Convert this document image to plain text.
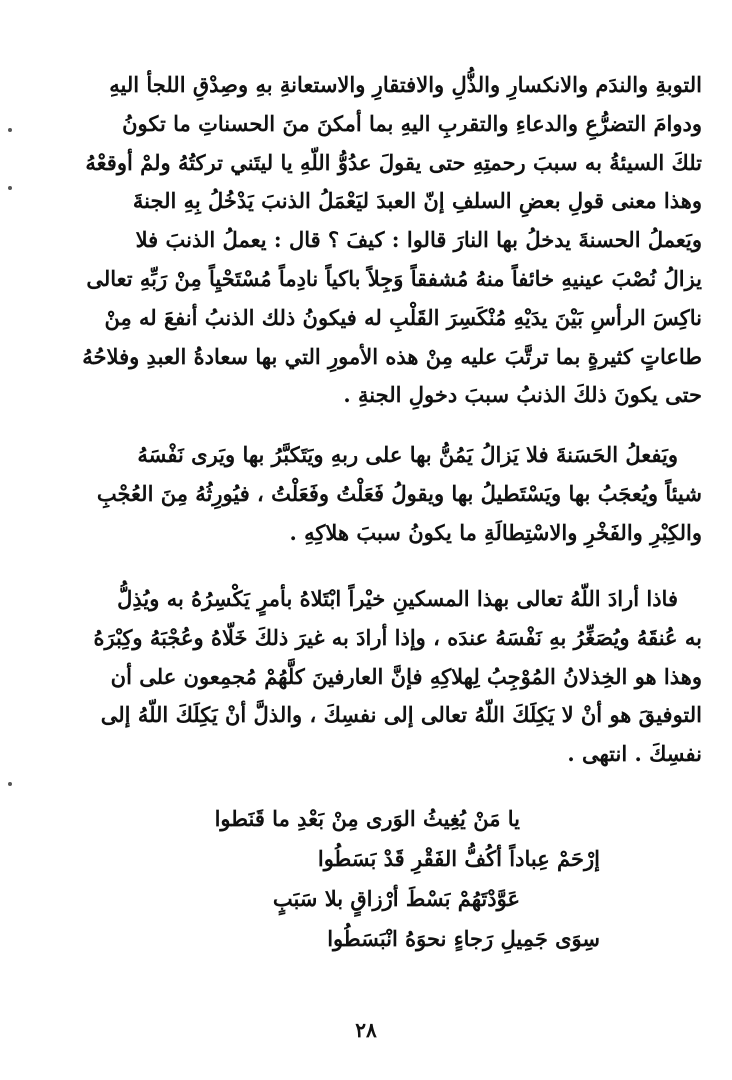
التوبةِ والندَم والانكسارِ والذُّلِ والافتقارِ والاستعانةِ بهِ وصِدْقِ اللجأ اليهِ

ودوامَ التضرُّعِ والدعاءِ والتقربِ اليهِ بما أمكنَ منَ الحسناتِ ما تكونُ

تلكَ السيئةُ به سببَ رحمتِهِ حتى يقولَ عدُوُّ اللّهِ يا ليتَني تركتُهُ ولمْ أوقعْهُ

وهذا معنى قولِ بعضِ السلفِ إنّ العبدَ ليَعْمَلُ الذنبَ يَدْخُلُ بِهِ الجنةَ

ويَعملُ الحسنةَ يدخلُ بها النارَ قالوا : كيفَ ؟ قال : يعملُ الذنبَ فلا

يزالُ نُصْبَ عينيهِ خائفاً منهُ مُشفقاً وَجِلاً باكياً نادِماً مُسْتَحْيِاً مِنْ رَبِّهِ تعالى

ناكِسَ الرأسِ بَيْنَ يدَيْهِ مُنْكَسِرَ القَلْبِ له فيكونُ ذلك الذنبُ أنفعَ له مِنْ

طاعاتٍ كثيرةٍ بما ترتَّبَ عليه مِنْ هذه الأمورِ التي بها سعادةُ العبدِ وفلاحُهُ

حتى يكونَ ذلكَ الذنبُ سببَ دخولِ الجنةِ .

ويَفعلُ الحَسَنةَ فلا يَزالُ يَمُنُّ بها على ربهِ ويَتَكبَّرُ بها ويَرى نَفْسَهُ

شيئاً ويُعجَبُ بها ويَسْتَطيلُ بها ويقولُ فَعَلْتُ وفَعَلْتُ ، فيُورِثُهُ مِنَ العُجْبِ

والكِبْرِ والفَخْرِ والاسْتِطالَةِ ما يكونُ سببَ هلاكِهِ .

فاذا أرادَ اللّهُ تعالى بهذا المسكينِ خيْراً ابْتَلاهُ بأمرٍ يَكْسِرُهُ به ويُذِلُّ

به عُنقَهُ ويُصَغِّرُ بهِ نَفْسَهُ عندَه ، وإذا أرادَ به غيرَ ذلكَ خَلّاهُ وعُجْبَهُ وكِبْرَهُ

وهذا هو الخِذلانُ المُوْجِبُ لِهلاكِهِ فإنَّ العارفينَ كلَّهُمْ مُجمِعون على أن

التوفيقَ هو أنْ لا يَكِلَكَ اللّهُ تعالى إلى نفسِكَ ، والذلَّ أنْ يَكِلَكَ اللّهُ إلى

نفسِكَ . انتهى .

يا مَنْ يُغِيثُ الوَرى مِنْ بَعْدِ ما قَنَطوا
إرْحَمْ عِباداً أكُفُّ الفَقْرِ قَدْ بَسَطُوا
عَوَّدْتَهُمْ بَسْطَ أرْزاقٍ بلا سَبَبٍ
سِوَى جَمِيلِ رَجاءٍ نحوَهُ انْبَسَطُوا
٢٨
